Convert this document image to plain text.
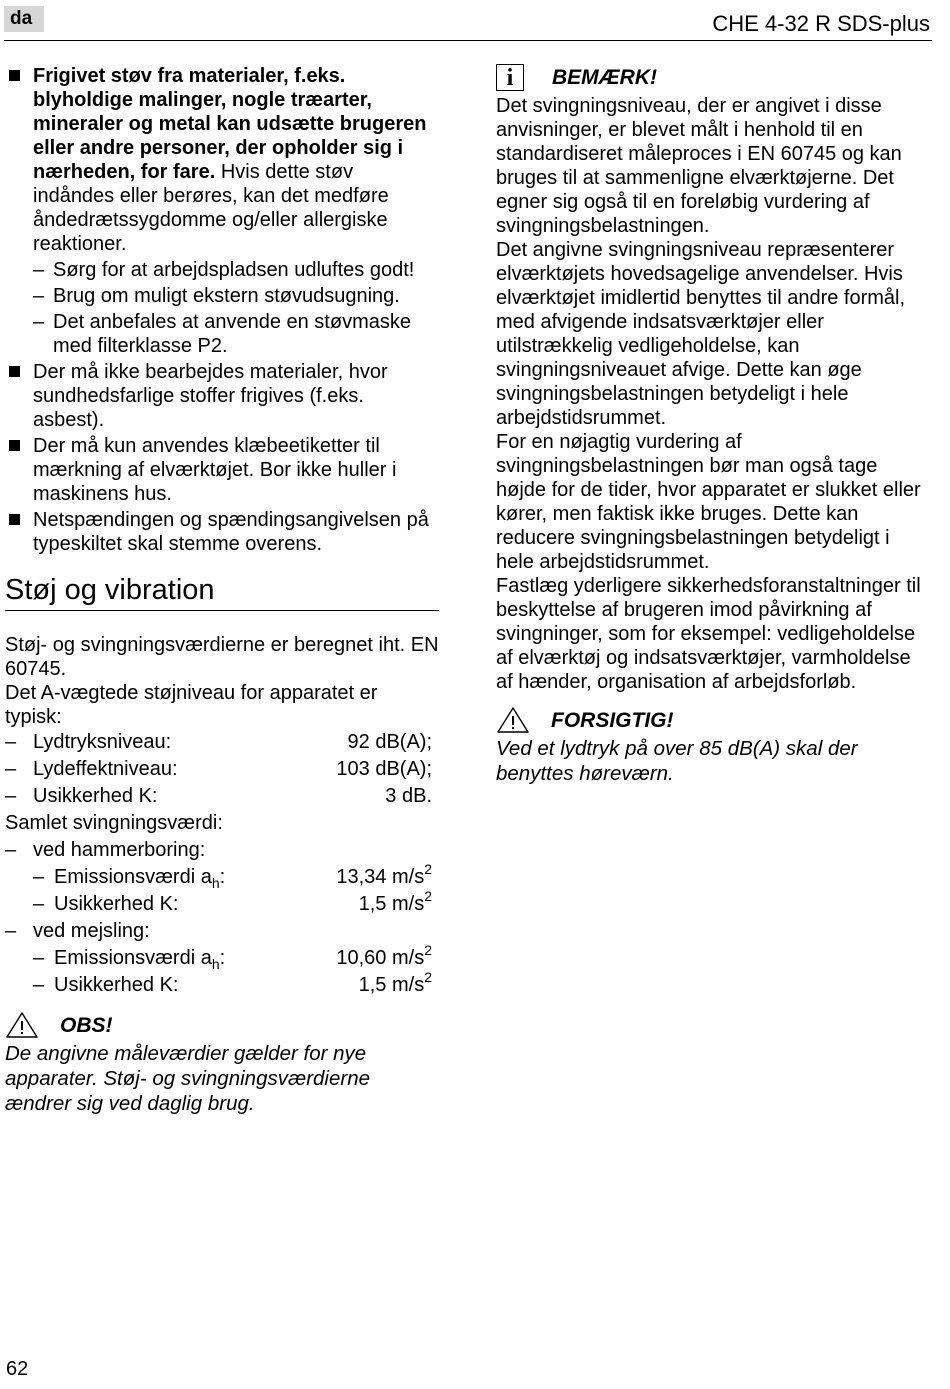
da	CHE 4-32 R SDS-plus
Frigivet støv fra materialer, f.eks. blyholdige malinger, nogle træarter, mineraler og metal kan udsætte brugeren eller andre personer, der opholder sig i nærheden, for fare. Hvis dette støv indåndes eller berøres, kan det medføre åndedrætssygdomme og/eller allergiske reaktioner.
– Sørg for at arbejdspladsen udluftes godt!
– Brug om muligt ekstern støvudsugning.
– Det anbefales at anvende en støvmaske med filterklasse P2.
Der må ikke bearbejdes materialer, hvor sundhedsfarlige stoffer frigives (f.eks. asbest).
Der må kun anvendes klæbeetiketter til mærkning af elværktøjet. Bor ikke huller i maskinens hus.
Netspændingen og spændingsangivelsen på typeskiltet skal stemme overens.
Støj og vibration

Støj- og svingningsværdierne er beregnet iht. EN 60745.

Det A-vægtede støjniveau for apparatet er typisk:

– Lydtryksniveau:	92 dB(A);
– Lydeffektniveau:	103 dB(A);
– Usikkerhed K:	3 dB.
Samlet svingningsværdi:
– ved hammerboring:
– Emissionsværdi $a_h$:	13,34 $m/s^2$
– Usikkerhed K:	1,5 $m/s^2$
– ved mejsling:
– Emissionsværdi $a_h$:	10,60 $m/s^2$
– Usikkerhed K:	1,5 $m/s^2$
OBS!

De angivne måleværdier gælder for nye apparater. Støj- og svingningsværdierne ændrer sig ved daglig brug.

i	BEMÆRK!

Det svingningsniveau, der er angivet i disse anvisninger, er blevet målt i henhold til en standardiseret måleproces i EN 60745 og kan bruges til at sammenligne elværktøjerne. Det egner sig også til en foreløbig vurdering af svingningsbelastningen.

Det angivne svingningsniveau repræsenterer elværktøjets hovedsagelige anvendelser. Hvis elværktøjet imidlertid benyttes til andre formål, med afvigende indsatsværktøjer eller utilstrækkelig vedligeholdelse, kan svingningsniveauet afvige. Dette kan øge svingningsbelastningen betydeligt i hele arbejdstidsrummet.

For en nøjagtig vurdering af svingningsbelastningen bør man også tage højde for de tider, hvor apparatet er slukket eller kører, men faktisk ikke bruges. Dette kan reducere svingningsbelastningen betydeligt i hele arbejdstidsrummet.

Fastlæg yderligere sikkerhedsforanstaltninger til beskyttelse af brugeren imod påvirkning af svingninger, som for eksempel: vedligeholdelse af elværktøj og indsatsværktøjer, varmholdelse af hænder, organisation af arbejdsforløb.

FORSIGTIG!

Ved et lydtryk på over 85 dB(A) skal der benyttes høreværn.

62
